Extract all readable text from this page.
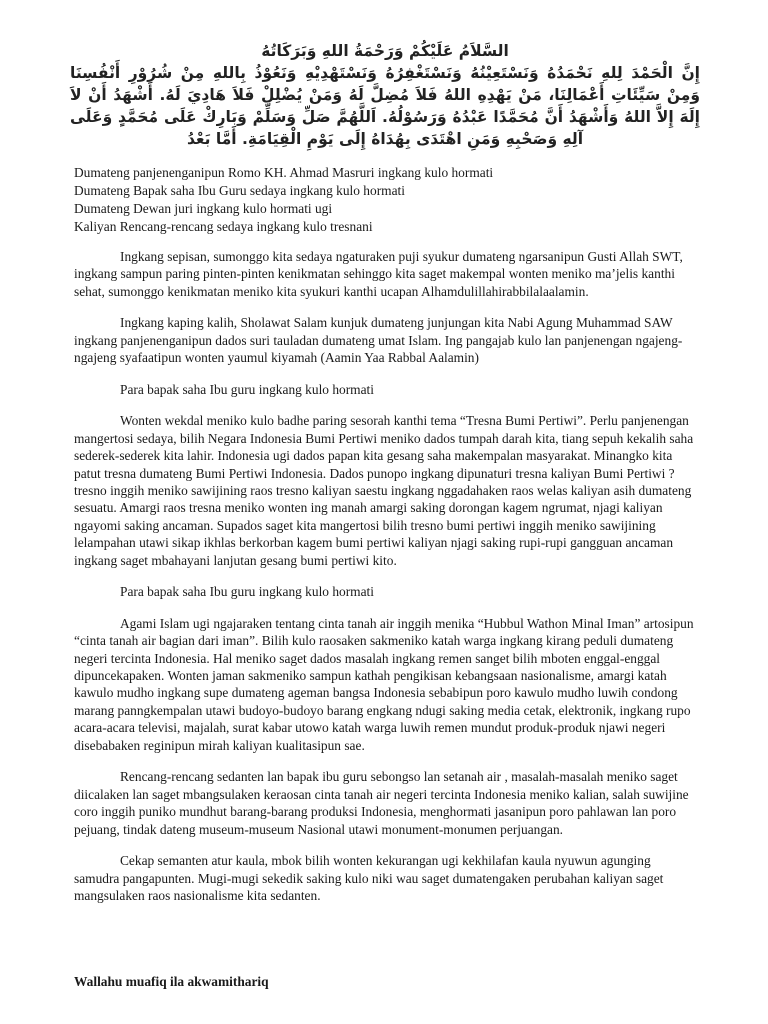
السَّلاَمُ عَلَيْكُمْ وَرَحْمَةُ اللهِ وَبَرَكَاتُهُ
إِنَّ الْحَمْدَ لِلهِ نَحْمَدُهُ وَنَسْتَعِيْنُهُ وَنَسْتَغْفِرُهُ وَنَسْتَهْدِيْهِ وَنَعُوْذُ بِاللهِ مِنْ شُرُوْرِ أَنْفُسِنَا وَمِنْ سَيِّئَاتِ أَعْمَالِنَا، مَنْ يَهْدِهِ اللهُ فَلاَ مُضِلَّ لَهُ وَمَنْ يُضْلِلْ فَلاَ هَادِيَ لَهُ. أَشْهَدُ أَنْ لاَ إِلَهَ إِلاَّ اللهُ وَأَشْهَدُ أَنَّ مُحَمَّدًا عَبْدُهُ وَرَسُوْلُهُ. اَللَّهُمَّ صَلِّ وَسَلِّمْ وَبَارِكْ عَلَى مُحَمَّدٍ وَعَلَى آلِهِ وَصَحْبِهِ وَمَنِ اهْتَدَى بِهُدَاهُ إِلَى يَوْمِ الْقِيَامَةِ. أَمَّا بَعْدُ
Dumateng panjenenganipun Romo KH. Ahmad Masruri ingkang kulo hormati
Dumateng Bapak saha Ibu Guru sedaya ingkang kulo hormati
Dumateng Dewan juri ingkang kulo hormati ugi
Kaliyan Rencang-rencang sedaya ingkang kulo tresnani

Ingkang sepisan, sumonggo kita sedaya ngaturaken puji syukur dumateng ngarsanipun Gusti Allah SWT, ingkang sampun paring pinten-pinten kenikmatan sehinggo kita saget makempal wonten meniko ma’jelis kanthi sehat, sumonggo kenikmatan meniko kita syukuri kanthi ucapan Alhamdulillahirabbilalaalamin.

Ingkang kaping kalih, Sholawat Salam kunjuk dumateng junjungan kita Nabi Agung Muhammad SAW ingkang panjenenganipun dados suri tauladan dumateng umat Islam. Ing pangajab kulo lan panjenengan ngajeng-ngajeng syafaatipun wonten yaumul kiyamah (Aamin Yaa Rabbal Aalamin)

Para bapak saha Ibu guru ingkang kulo hormati

Wonten wekdal meniko kulo badhe paring sesorah kanthi tema “Tresna Bumi Pertiwi”. Perlu panjenengan mangertosi sedaya, bilih Negara Indonesia Bumi Pertiwi meniko dados tumpah darah kita, tiang sepuh kekalih saha sederek-sederek kita lahir. Indonesia ugi dados papan kita gesang saha makempalan masyarakat. Minangko kita patut tresna dumateng Bumi Pertiwi Indonesia. Dados punopo ingkang dipunaturi tresna kaliyan Bumi Pertiwi ? tresno inggih meniko sawijining raos tresno kaliyan saestu ingkang nggadahaken raos welas kaliyan asih dumateng sesuatu. Amargi raos tresna meniko wonten ing manah amargi saking dorongan kagem ngrumat, njagi kaliyan ngayomi saking ancaman. Supados saget kita mangertosi bilih tresno bumi pertiwi inggih meniko sawijining lelampahan utawi sikap ikhlas berkorban kagem bumi pertiwi kaliyan njagi saking rupi-rupi gangguan ancaman ingkang saget mbahayani lanjutan gesang bumi pertiwi kito.

Para bapak saha Ibu guru ingkang kulo hormati

Agami Islam ugi ngajaraken tentang cinta tanah air inggih menika “Hubbul Wathon Minal Iman” artosipun “cinta tanah air bagian dari iman”. Bilih kulo raosaken sakmeniko katah warga ingkang kirang peduli dumateng negeri tercinta Indonesia. Hal meniko saget dados masalah ingkang remen sanget bilih mboten enggal-enggal dipuncekapaken. Wonten jaman sakmeniko sampun kathah pengikisan kebangsaan nasionalisme, amargi katah kawulo mudho ingkang supe dumateng ageman bangsa Indonesia sebabipun poro kawulo mudho luwih condong marang panngkempalan utawi budoyo-budoyo barang engkang ndugi saking media cetak, elektronik, ingkang rupo acara-acara televisi, majalah, surat kabar utowo katah warga luwih remen mundut produk-produk njawi negeri disebabaken reginipun mirah kaliyan kualitasipun sae.

Rencang-rencang sedanten lan bapak ibu guru sebongso lan setanah air , masalah-masalah meniko saget diicalaken lan saget mbangsulaken keraosan cinta tanah air negeri tercinta Indonesia meniko kalian, salah suwijine coro inggih puniko mundhut barang-barang produksi Indonesia, menghormati jasanipun poro pahlawan lan poro pejuang, tindak dateng museum-museum Nasional utawi monument-monumen perjuangan.

Cekap semanten atur kaula, mbok bilih wonten kekurangan ugi kekhilafan kaula nyuwun agunging samudra pangapunten. Mugi-mugi sekedik saking kulo niki wau saget dumatengaken perubahan kaliyan saget mangsulaken raos nasionalisme kita sedanten.

Wallahu muafiq ila akwamithariq
